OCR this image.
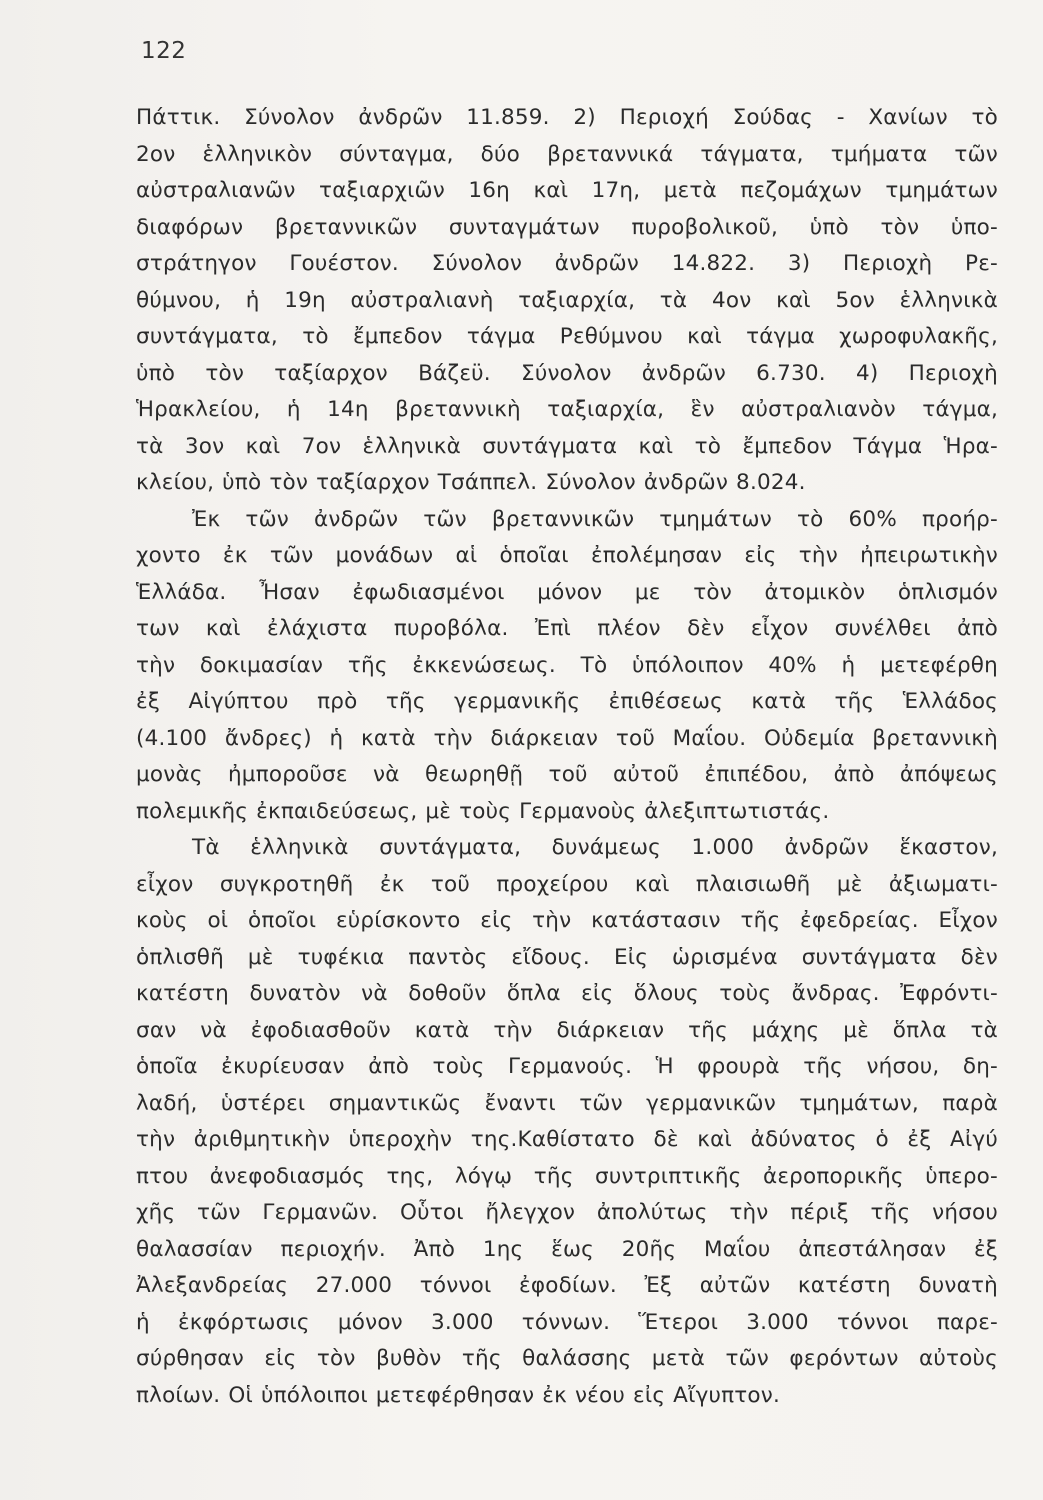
122
Πάττικ. Σύνολον ἀνδρῶν 11.859. 2) Περιοχή Σούδας - Χανίων τὸ
2ον ἑλληνικὸν σύνταγμα, δύο βρεταννικά τάγματα, τμήματα τῶν
αὐστραλιανῶν ταξιαρχιῶν 16η καὶ 17η, μετὰ πεζομάχων τμημάτων
διαφόρων βρεταννικῶν συνταγμάτων πυροβολικοῦ, ὑπὸ τὸν ὑπο-
στράτηγον Γουέστον. Σύνολον ἀνδρῶν 14.822. 3) Περιοχὴ Ρε-
θύμνου, ἡ 19η αὐστραλιανὴ ταξιαρχία, τὰ 4ον καὶ 5ον ἑλληνικὰ
συντάγματα, τὸ ἔμπεδον τάγμα Ρεθύμνου καὶ τάγμα χωροφυλακῆς,
ὑπὸ τὸν ταξίαρχον Βάζεϋ. Σύνολον ἀνδρῶν 6.730. 4) Περιοχὴ
Ἡρακλείου, ἡ 14η βρεταννικὴ ταξιαρχία, ἓν αὐστραλιανὸν τάγμα,
τὰ 3ον καὶ 7ον ἑλληνικὰ συντάγματα καὶ τὸ ἔμπεδον Τάγμα Ἡρα-
κλείου, ὑπὸ τὸν ταξίαρχον Τσάππελ. Σύνολον ἀνδρῶν 8.024.
Ἐκ τῶν ἀνδρῶν τῶν βρεταννικῶν τμημάτων τὸ 60% προήρ-
χοντο ἐκ τῶν μονάδων αἱ ὁποῖαι ἐπολέμησαν εἰς τὴν ἠπειρωτικὴν
Ἑλλάδα. Ἦσαν ἐφωδιασμένοι μόνον με τὸν ἀτομικὸν ὁπλισμόν
των καὶ ἐλάχιστα πυροβόλα. Ἐπὶ πλέον δὲν εἶχον συνέλθει ἀπὸ
τὴν δοκιμασίαν τῆς ἐκκενώσεως. Τὸ ὑπόλοιπον 40% ἡ μετεφέρθη
ἐξ Αἰγύπτου πρὸ τῆς γερμανικῆς ἐπιθέσεως κατὰ τῆς Ἑλλάδος
(4.100 ἄνδρες) ἡ κατὰ τὴν διάρκειαν τοῦ Μαΐου. Οὐδεμία βρεταννικὴ
μονὰς ἠμποροῦσε νὰ θεωρηθῇ τοῦ αὐτοῦ ἐπιπέδου, ἀπὸ ἀπόψεως
πολεμικῆς ἐκπαιδεύσεως, μὲ τοὺς Γερμανοὺς ἀλεξιπτωτιστάς.
Τὰ ἑλληνικὰ συντάγματα, δυνάμεως 1.000 ἀνδρῶν ἕκαστον,
εἶχον συγκροτηθῆ ἐκ τοῦ προχείρου καὶ πλαισιωθῆ μὲ ἀξιωματι-
κοὺς οἱ ὁποῖοι εὑρίσκοντο εἰς τὴν κατάστασιν τῆς ἐφεδρείας. Εἶχον
ὁπλισθῆ μὲ τυφέκια παντὸς εἴδους. Εἰς ὡρισμένα συντάγματα δὲν
κατέστη δυνατὸν νὰ δοθοῦν ὅπλα εἰς ὅλους τοὺς ἄνδρας. Ἐφρόντι-
σαν νὰ ἐφοδιασθοῦν κατὰ τὴν διάρκειαν τῆς μάχης μὲ ὅπλα τὰ
ὁποῖα ἐκυρίευσαν ἀπὸ τοὺς Γερμανούς. Ἡ φρουρὰ τῆς νήσου, δη-
λαδή, ὑστέρει σημαντικῶς ἔναντι τῶν γερμανικῶν τμημάτων, παρὰ
τὴν ἀριθμητικὴν ὑπεροχὴν της.Καθίστατο δὲ καὶ ἀδύνατος ὁ ἐξ Αἰγύ
πτου ἀνεφοδιασμός της, λόγῳ τῆς συντριπτικῆς ἀεροπορικῆς ὑπερο-
χῆς τῶν Γερμανῶν. Οὗτοι ἤλεγχον ἀπολύτως τὴν πέριξ τῆς νήσου
θαλασσίαν περιοχήν. Ἀπὸ 1ης ἕως 20ῆς Μαΐου ἀπεστάλησαν ἐξ
Ἀλεξανδρείας 27.000 τόννοι ἐφοδίων. Ἐξ αὐτῶν κατέστη δυνατὴ
ἡ ἐκφόρτωσις μόνον 3.000 τόννων. Ἕτεροι 3.000 τόννοι παρε-
σύρθησαν εἰς τὸν βυθὸν τῆς θαλάσσης μετὰ τῶν φερόντων αὐτοὺς
πλοίων. Οἱ ὑπόλοιποι μετεφέρθησαν ἐκ νέου εἰς Αἴγυπτον.
